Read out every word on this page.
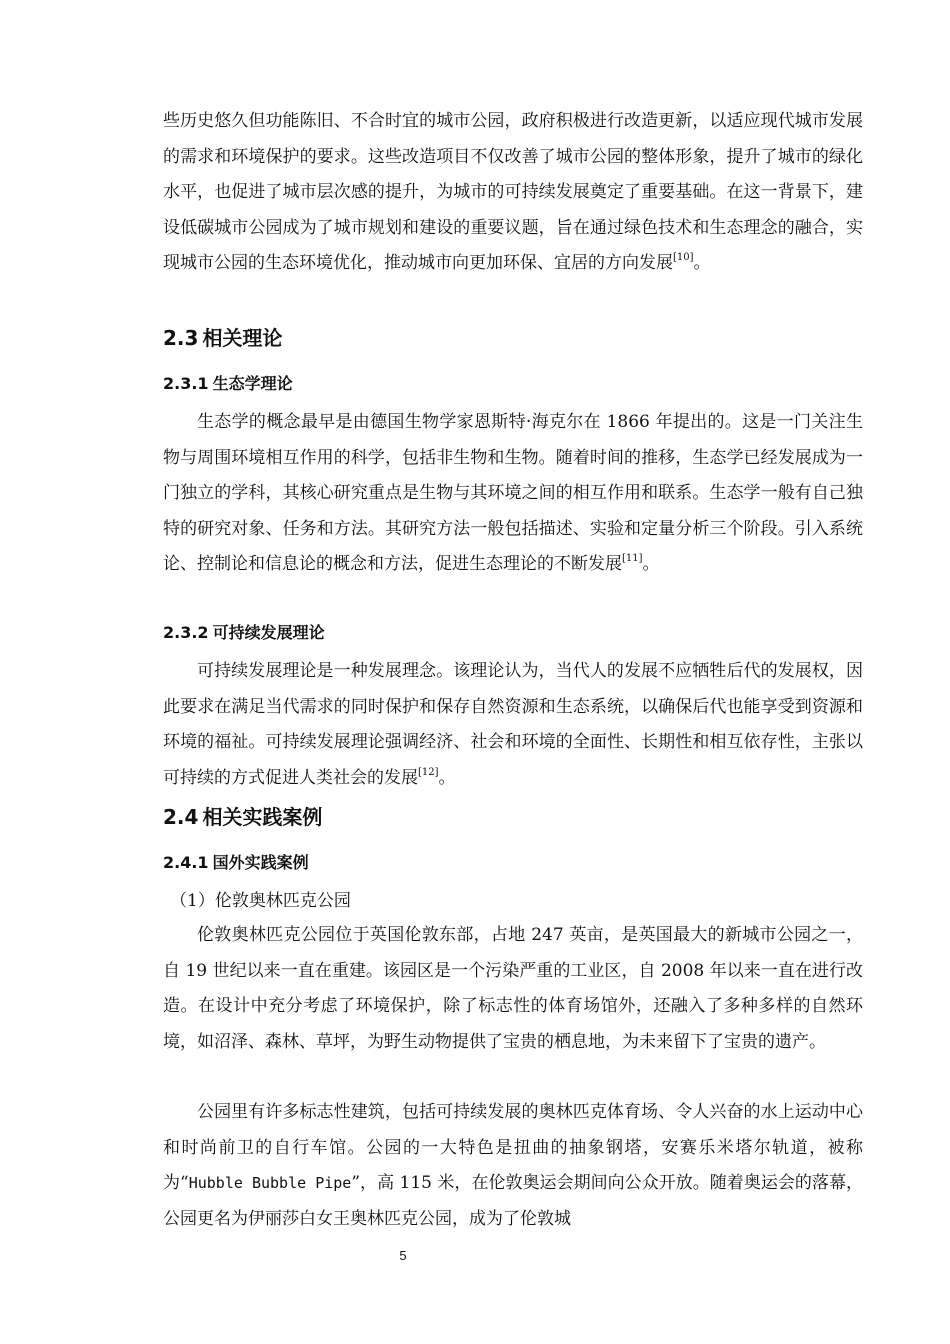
些历史悠久但功能陈旧、不合时宜的城市公园，政府积极进行改造更新，以适应现代城市发展的需求和环境保护的要求。这些改造项目不仅改善了城市公园的整体形象，提升了城市的绿化水平，也促进了城市层次感的提升，为城市的可持续发展奠定了重要基础。在这一背景下，建设低碳城市公园成为了城市规划和建设的重要议题，旨在通过绿色技术和生态理念的融合，实现城市公园的生态环境优化，推动城市向更加环保、宜居的方向发展[10]。

2.3 相关理论
2.3.1 生态学理论

生态学的概念最早是由德国生物学家恩斯特·海克尔在 1866 年提出的。这是一门关注生物与周围环境相互作用的科学，包括非生物和生物。随着时间的推移，生态学已经发展成为一门独立的学科，其核心研究重点是生物与其环境之间的相互作用和联系。生态学一般有自己独特的研究对象、任务和方法。其研究方法一般包括描述、实验和定量分析三个阶段。引入系统论、控制论和信息论的概念和方法，促进生态理论的不断发展[11]。

2.3.2 可持续发展理论

可持续发展理论是一种发展理念。该理论认为，当代人的发展不应牺牲后代的发展权，因此要求在满足当代需求的同时保护和保存自然资源和生态系统，以确保后代也能享受到资源和环境的福祉。可持续发展理论强调经济、社会和环境的全面性、长期性和相互依存性，主张以可持续的方式促进人类社会的发展[12]。

2.4 相关实践案例
2.4.1 国外实践案例

（1）伦敦奥林匹克公园

伦敦奥林匹克公园位于英国伦敦东部，占地 247 英亩，是英国最大的新城市公园之一，自 19 世纪以来一直在重建。该园区是一个污染严重的工业区，自 2008 年以来一直在进行改造。在设计中充分考虑了环境保护，除了标志性的体育场馆外，还融入了多种多样的自然环境，如沼泽、森林、草坪，为野生动物提供了宝贵的栖息地，为未来留下了宝贵的遗产。

公园里有许多标志性建筑，包括可持续发展的奥林匹克体育场、令人兴奋的水上运动中心和时尚前卫的自行车馆。公园的一大特色是扭曲的抽象钢塔，安赛乐米塔尔轨道，被称为“Hubble Bubble Pipe”，高 115 米，在伦敦奥运会期间向公众开放。随着奥运会的落幕，公园更名为伊丽莎白女王奥林匹克公园，成为了伦敦城

5
